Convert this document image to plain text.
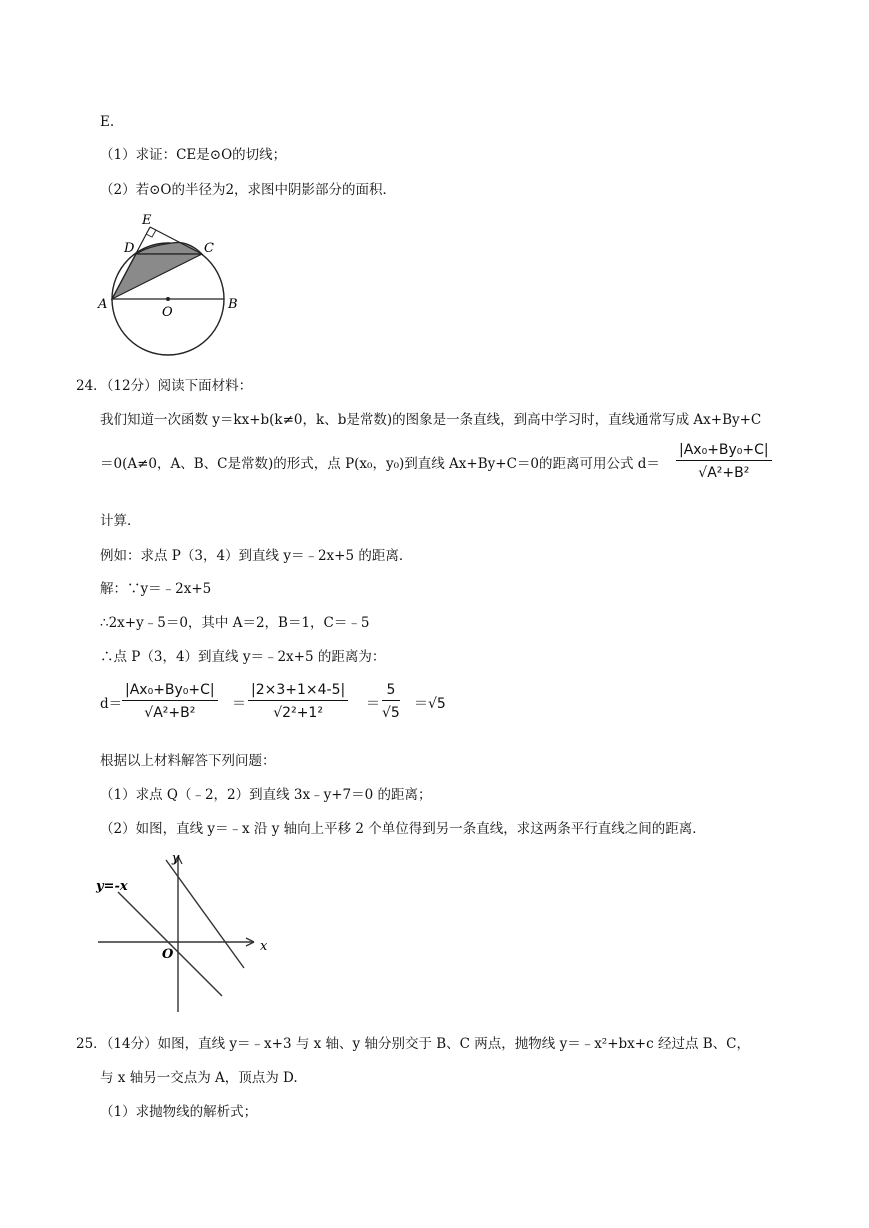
E.
（1）求证：CE是⊙O的切线；
（2）若⊙O的半径为2，求图中阴影部分的面积．
E
D	C
A
O
B
24．（12分）阅读下面材料：
我们知道一次函数 y＝kx+b(k≠0，k、b是常数)的图象是一条直线，到高中学习时，直线通常写成 Ax+By+C
＝0(A≠0，A、B、C是常数)的形式，点 P(x₀，y₀)到直线 Ax+By+C＝0的距离可用公式 $d= \frac{\text{|Ax₀+By₀+C|}}{\text{√A²+B²}}$
计算．
例如：求点 P（3，4）到直线 y＝﹣2x+5 的距离．
解：∵y＝﹣2x+5
∴2x+y﹣5＝0，其中 A＝2，B＝1，C＝﹣5
∴点 P（3，4）到直线 y＝﹣2x+5 的距离为：
$d= \frac{\text{|Ax₀+By₀+C|}}{\text{√A²+B²}} = \frac{|2\times 3+1\times 4-5|}{\text{√2²+1²}} = \frac{5}{√5} =√5$
根据以上材料解答下列问题：
（1）求点 Q（﹣2，2）到直线 3x﹣y+7＝0 的距离；
（2）如图，直线 y＝﹣x 沿 y 轴向上平移 2 个单位得到另一条直线，求这两条平行直线之间的距离．
y=-x
y
x
O
25．（14分）如图，直线 y＝﹣x+3 与 x 轴、y 轴分别交于 B、C 两点，抛物线 y＝﹣x²+bx+c 经过点 B、C，
与 x 轴另一交点为 A，顶点为 D.
（1）求抛物线的解析式；
